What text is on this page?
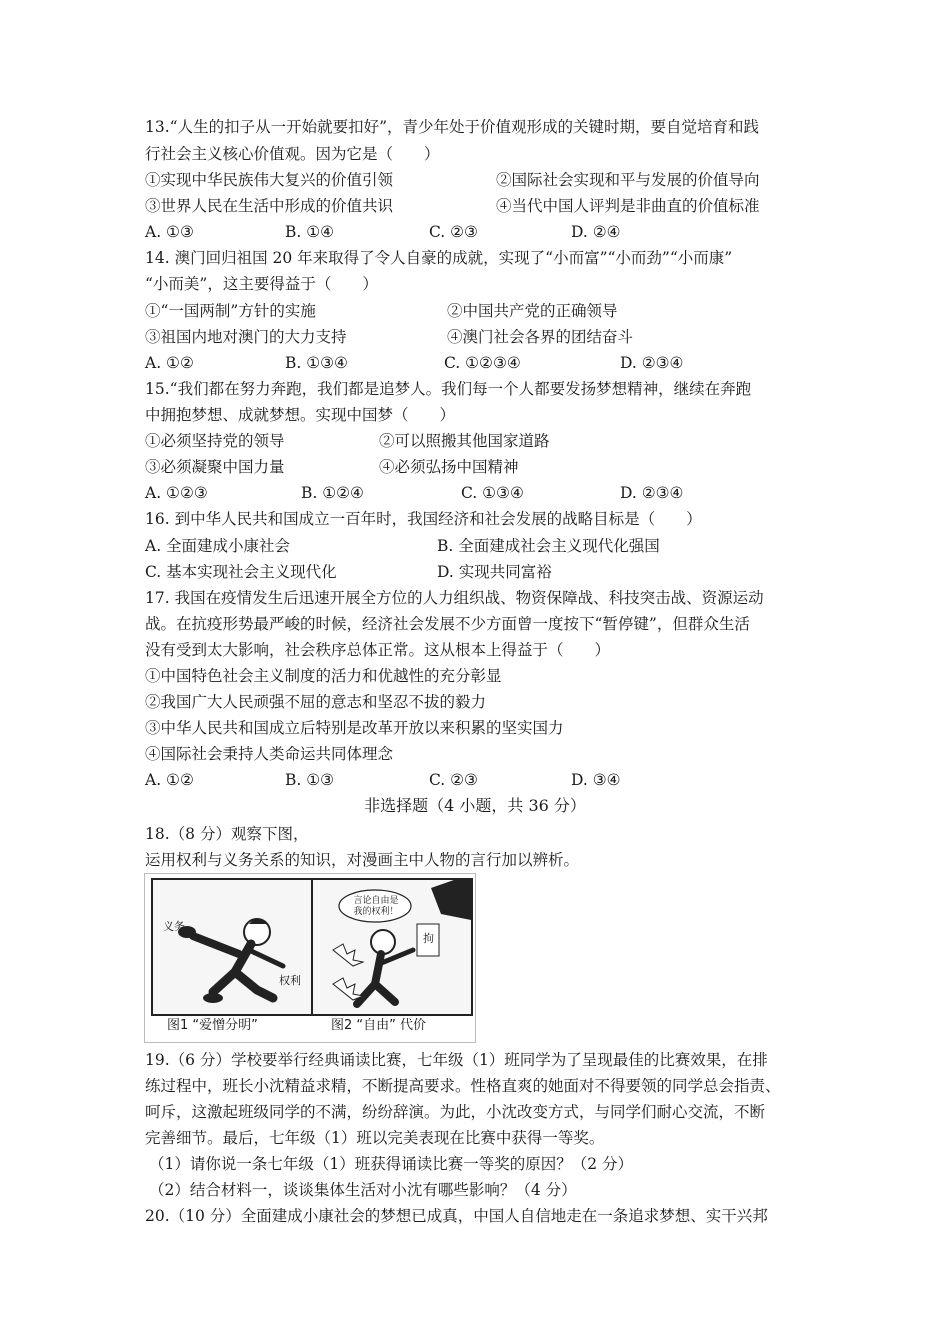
13.“人生的扣子从一开始就要扣好”，青少年处于价值观形成的关键时期，要自觉培育和践
行社会主义核心价值观。因为它是（　　）
①实现中华民族伟大复兴的价值引领	②国际社会实现和平与发展的价值导向
③世界人民在生活中形成的价值共识	④当代中国人评判是非曲直的价值标准
A. ①③	B. ①④	C. ②③	D. ②④
14. 澳门回归祖国 20 年来取得了令人自豪的成就，实现了“小而富”“小而劲”“小而康”
“小而美”，这主要得益于（　　）
①“一国两制”方针的实施	②中国共产党的正确领导
③祖国内地对澳门的大力支持	④澳门社会各界的团结奋斗
A. ①②	B. ①③④	C. ①②③④	D. ②③④
15.“我们都在努力奔跑，我们都是追梦人。我们每一个人都要发扬梦想精神，继续在奔跑
中拥抱梦想、成就梦想。实现中国梦（　　）
①必须坚持党的领导	②可以照搬其他国家道路
③必须凝聚中国力量	④必须弘扬中国精神
A. ①②③	B. ①②④	C. ①③④	D. ②③④
16. 到中华人民共和国成立一百年时，我国经济和社会发展的战略目标是（　　）
A. 全面建成小康社会	B. 全面建成社会主义现代化强国
C. 基本实现社会主义现代化	D. 实现共同富裕
17. 我国在疫情发生后迅速开展全方位的人力组织战、物资保障战、科技突击战、资源运动
战。在抗疫形势最严峻的时候，经济社会发展不少方面曾一度按下“暂停键”，但群众生活
没有受到太大影响，社会秩序总体正常。这从根本上得益于（　　）
①中国特色社会主义制度的活力和优越性的充分彰显
②我国广大人民顽强不屈的意志和坚忍不拔的毅力
③中华人民共和国成立后特别是改革开放以来积累的坚实国力
④国际社会秉持人类命运共同体理念
A. ①②	B. ①③	C. ②③	D. ③④
非选择题（4 小题，共 36 分）
18.（8 分）观察下图，
运用权利与义务关系的知识，对漫画主中人物的言行加以辨析。
义务
权利
言论自由是我的权利！
拘
图1 “爱憎分明”	图2 “自由” 代价
19.（6 分）学校要举行经典诵读比赛，七年级（1）班同学为了呈现最佳的比赛效果，在排
练过程中，班长小沈精益求精，不断提高要求。性格直爽的她面对不得要领的同学总会指责、
呵斥，这激起班级同学的不满，纷纷辞演。为此，小沈改变方式，与同学们耐心交流，不断
完善细节。最后，七年级（1）班以完美表现在比赛中获得一等奖。
（1）请你说一条七年级（1）班获得诵读比赛一等奖的原因？（2 分）
（2）结合材料一，谈谈集体生活对小沈有哪些影响？（4 分）
20.（10 分）全面建成小康社会的梦想已成真，中国人自信地走在一条追求梦想、实干兴邦
